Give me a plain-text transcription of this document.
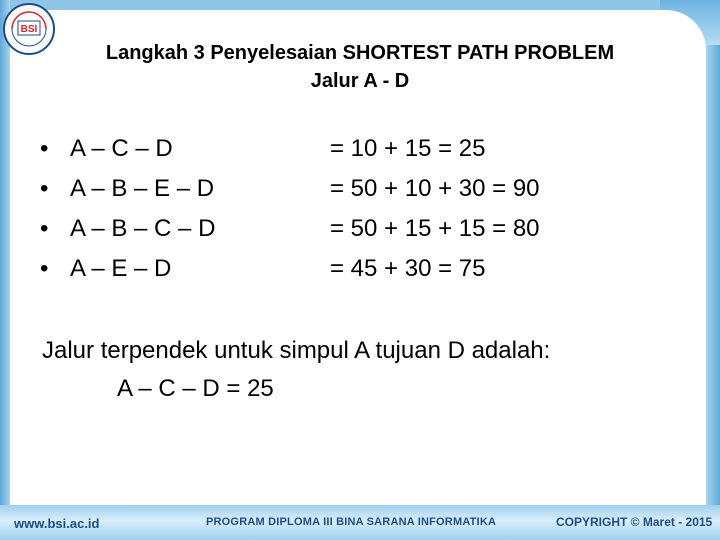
BSI
Langkah 3 Penyelesaian SHORTEST PATH PROBLEM
Jalur A - D
• A – C – D	= 10 + 15 = 25
• A – B – E – D	= 50 + 10 + 30 = 90
• A – B – C – D	= 50 + 15 + 15 = 80
• A – E – D	= 45 + 30 = 75
Jalur terpendek untuk simpul A tujuan D adalah:
A – C – D = 25
www.bsi.ac.id	PROGRAM DIPLOMA III BINA SARANA INFORMATIKA	COPYRIGHT © Maret - 2015
